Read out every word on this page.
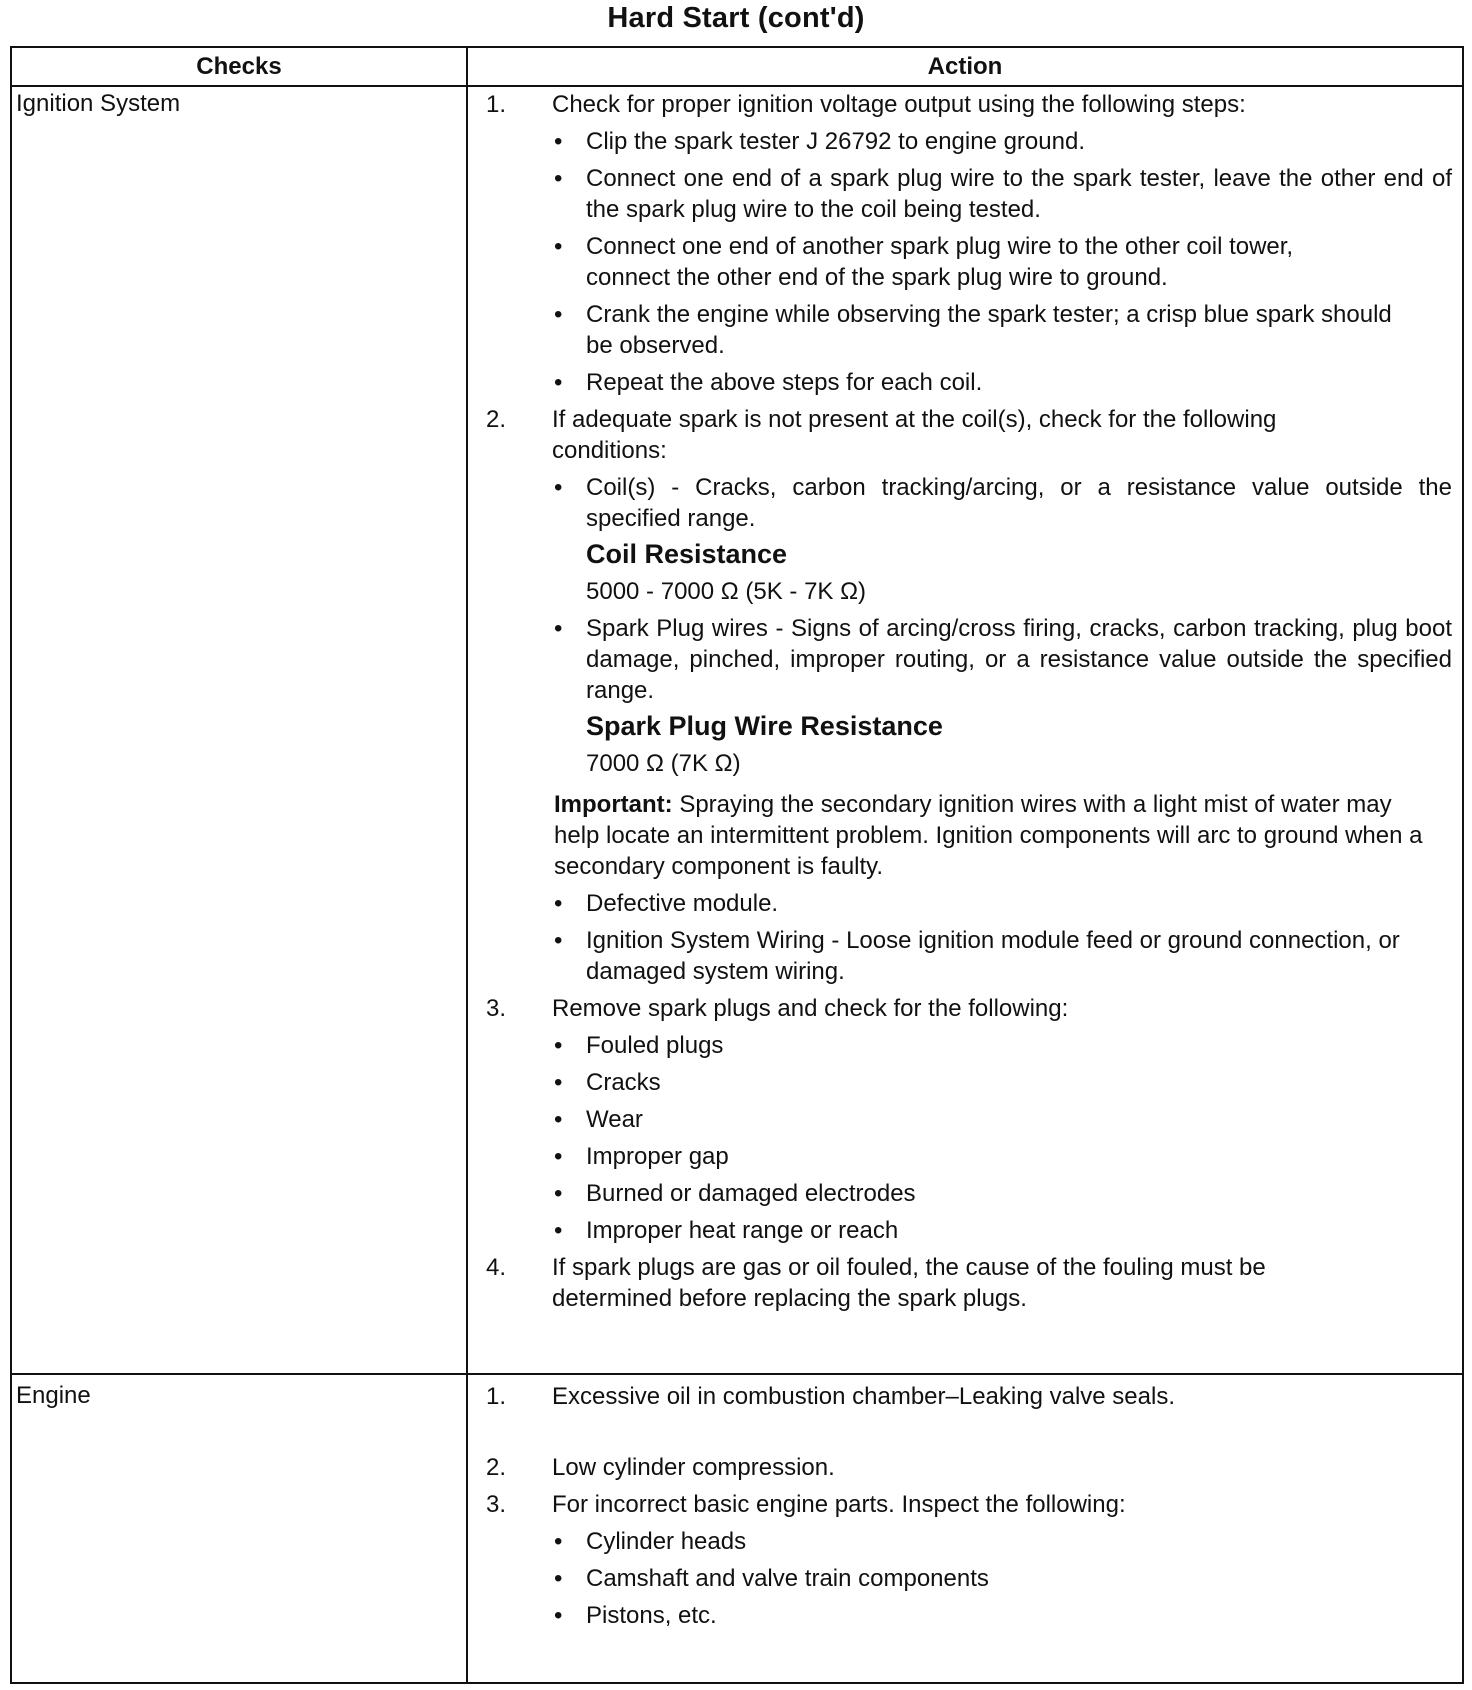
Hard Start (cont'd)
Checks	Action
Ignition System	1. Check for proper ignition voltage output using the following steps:
• Clip the spark tester J 26792 to engine ground.
• Connect one end of a spark plug wire to the spark tester, leave the other end of the spark plug wire to the coil being tested.
• Connect one end of another spark plug wire to the other coil tower, connect the other end of the spark plug wire to ground.
• Crank the engine while observing the spark tester; a crisp blue spark should be observed.
• Repeat the above steps for each coil.
2. If adequate spark is not present at the coil(s), check for the following conditions:
• Coil(s) - Cracks, carbon tracking/arcing, or a resistance value outside the specified range.
Coil Resistance
5000 - 7000 Ω (5K - 7K Ω)
• Spark Plug wires - Signs of arcing/cross firing, cracks, carbon tracking, plug boot damage, pinched, improper routing, or a resistance value outside the specified range.
Spark Plug Wire Resistance
7000 Ω (7K Ω)
Important: Spraying the secondary ignition wires with a light mist of water may help locate an intermittent problem. Ignition components will arc to ground when a secondary component is faulty.
• Defective module.
• Ignition System Wiring - Loose ignition module feed or ground connection, or damaged system wiring.
3. Remove spark plugs and check for the following:
• Fouled plugs
• Cracks
• Wear
• Improper gap
• Burned or damaged electrodes
• Improper heat range or reach
4. If spark plugs are gas or oil fouled, the cause of the fouling must be determined before replacing the spark plugs.
Engine	1. Excessive oil in combustion chamber–Leaking valve seals.
2. Low cylinder compression.
3. For incorrect basic engine parts. Inspect the following:
• Cylinder heads
• Camshaft and valve train components
• Pistons, etc.
